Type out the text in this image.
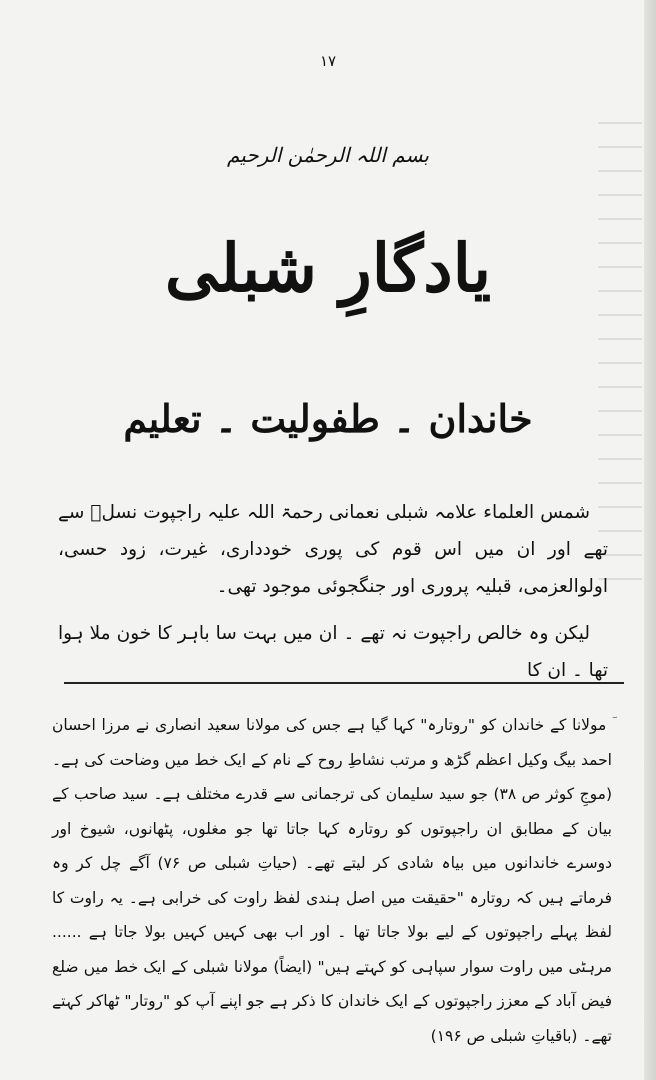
۱۷
بسم اللہ الرحمٰن الرحیم
یادگارِ شبلی
خاندان ۔ طفولیت ۔ تعلیم

شمس العلماء علامہ شبلی نعمانی رحمۃ اللہ علیہ راجپوت نسلؔ سے تھے اور ان میں اس قوم کی پوری خودداری، غیرت، زود حسی، اولوالعزمی، قبلیہ پروری اور جنگجوئی موجود تھی۔

لیکن وہ خالص راجپوت نہ تھے ۔ ان میں بہت سا باہر کا خون ملا ہوا تھا ۔ ان کا

ؔ مولانا کے خاندان کو "روتارہ" کہا گیا ہے جس کی مولانا سعید انصاری نے مرزا احسان احمد بیگ وکیل اعظم گڑھ و مرتب نشاطِ روح کے نام کے ایک خط میں وضاحت کی ہے۔ (موجِ کوثر ص ۳۸) جو سید سلیمان کی ترجمانی سے قدرے مختلف ہے۔ سید صاحب کے بیان کے مطابق ان راجپوتوں کو روتارہ کہا جاتا تھا جو مغلوں، پٹھانوں، شیوخ اور دوسرے خاندانوں میں بیاہ شادی کر لیتے تھے۔ (حیاتِ شبلی ص ۷۶) آگے چل کر وہ فرماتے ہیں کہ روتارہ "حقیقت میں اصل ہندی لفظ راوت کی خرابی ہے۔ یہ راوت کا لفظ پہلے راجپوتوں کے لیے بولا جاتا تھا ۔ اور اب بھی کہیں کہیں بولا جاتا ہے ...... مرہٹی میں راوت سوار سپاہی کو کہتے ہیں" (ایضاً) مولانا شبلی کے ایک خط میں ضلع فیض آباد کے معزز راجپوتوں کے ایک خاندان کا ذکر ہے جو اپنے آپ کو "روتار" ٹھاکر کہتے تھے۔ (باقیاتِ شبلی ص ۱۹۶)
